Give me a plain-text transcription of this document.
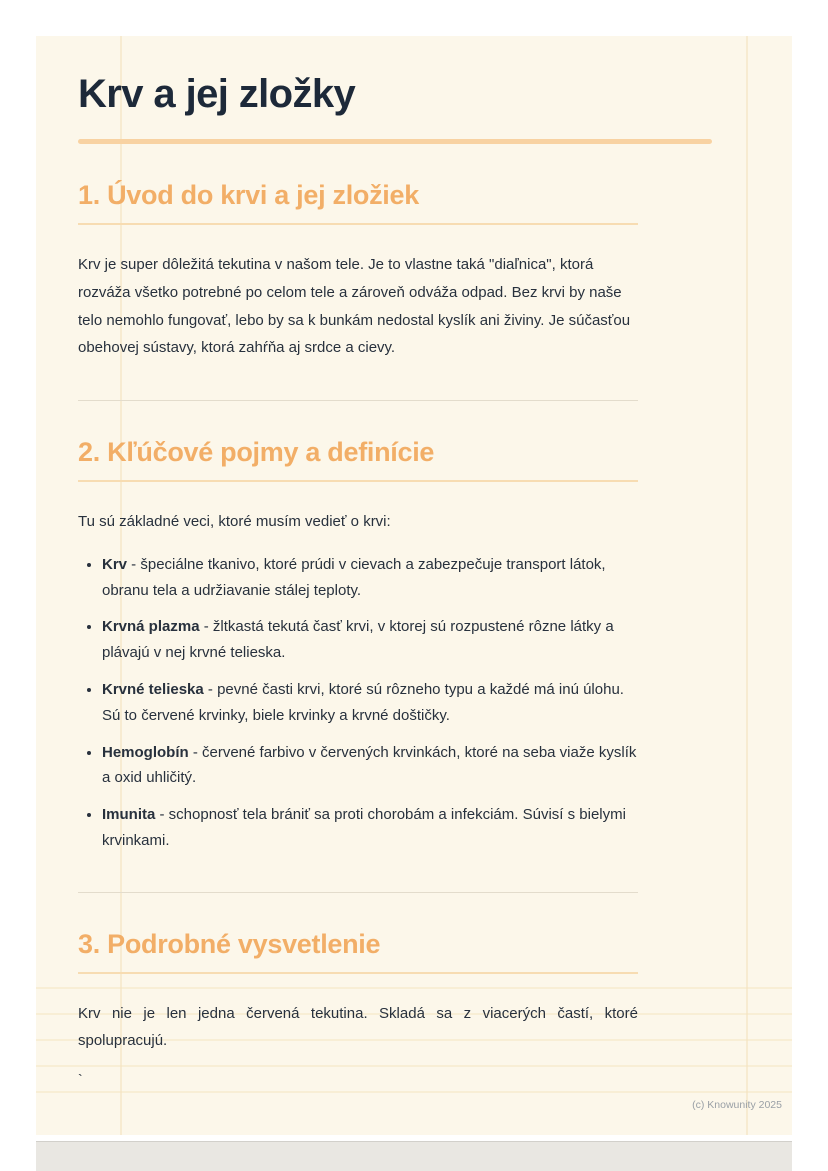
Krv a jej zložky
1. Úvod do krvi a jej zložiek

Krv je super dôležitá tekutina v našom tele. Je to vlastne taká "diaľnica", ktorá rozváža všetko potrebné po celom tele a zároveň odváža odpad. Bez krvi by naše telo nemohlo fungovať, lebo by sa k bunkám nedostal kyslík ani živiny. Je súčasťou obehovej sústavy, ktorá zahŕňa aj srdce a cievy.

2. Kľúčové pojmy a definície

Tu sú základné veci, ktoré musím vedieť o krvi:

• Krv - špeciálne tkanivo, ktoré prúdi v cievach a zabezpečuje transport látok, obranu tela a udržiavanie stálej teploty.
• Krvná plazma - žltkastá tekutá časť krvi, v ktorej sú rozpustené rôzne látky a plávajú v nej krvné telieska.
• Krvné telieska - pevné časti krvi, ktoré sú rôzneho typu a každé má inú úlohu. Sú to červené krvinky, biele krvinky a krvné doštičky.
• Hemoglobín - červené farbivo v červených krvinkách, ktoré na seba viaže kyslík a oxid uhličitý.
• Imunita - schopnosť tela brániť sa proti chorobám a infekciám. Súvisí s bielymi krvinkami.
3. Podrobné vysvetlenie

Krv nie je len jedna červená tekutina. Skladá sa z viacerých častí, ktoré spolupracujú.

`

(c) Knowunity 2025
